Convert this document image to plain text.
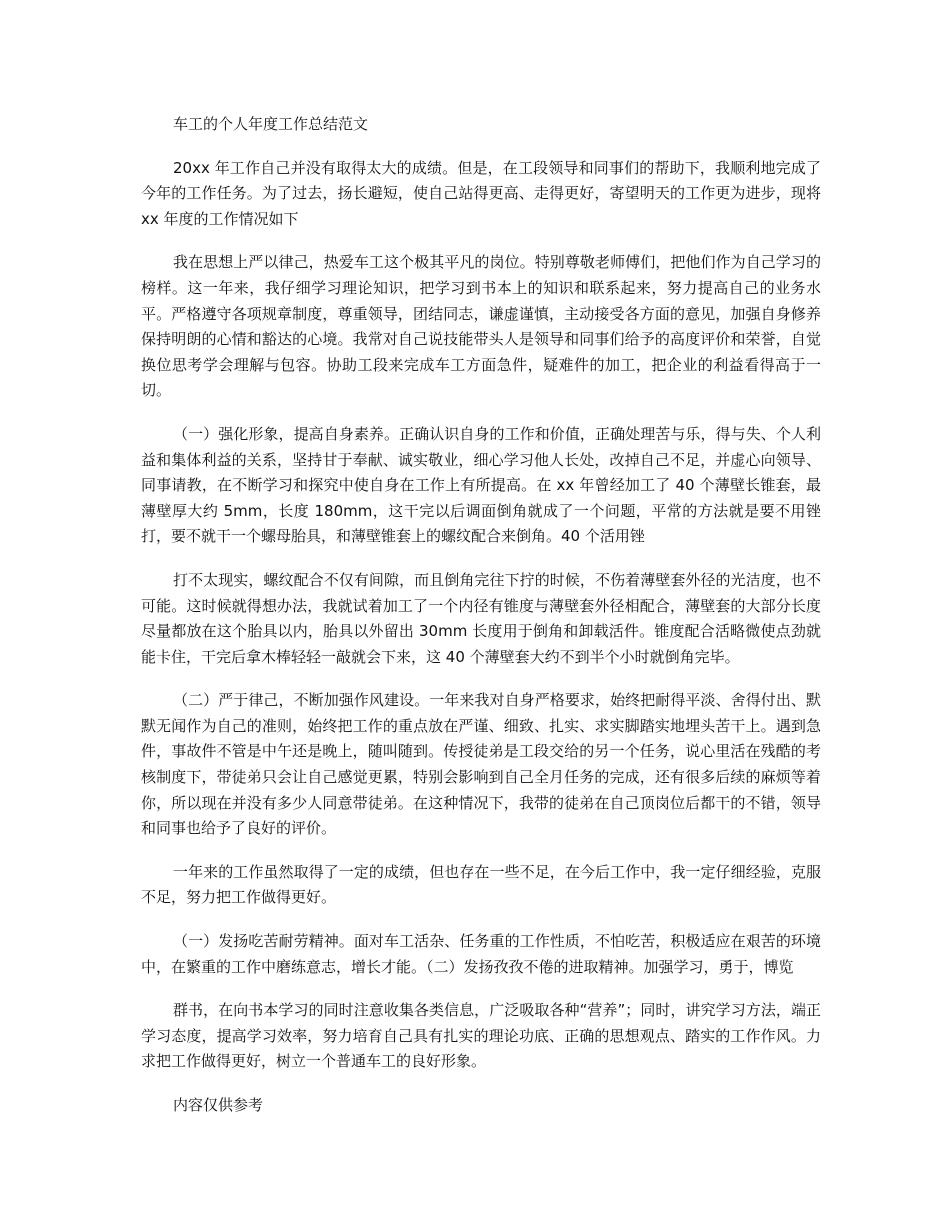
车工的个人年度工作总结范文

20xx 年工作自己并没有取得太大的成绩。但是，在工段领导和同事们的帮助下，我顺利地完成了今年的工作任务。为了过去，扬长避短，使自己站得更高、走得更好，寄望明天的工作更为进步，现将 xx 年度的工作情况如下

我在思想上严以律己，热爱车工这个极其平凡的岗位。特别尊敬老师傅们，把他们作为自己学习的榜样。这一年来，我仔细学习理论知识，把学习到书本上的知识和联系起来，努力提高自己的业务水平。严格遵守各项规章制度，尊重领导，团结同志，谦虚谨慎，主动接受各方面的意见，加强自身修养保持明朗的心情和豁达的心境。我常对自己说技能带头人是领导和同事们给予的高度评价和荣誉，自觉换位思考学会理解与包容。协助工段来完成车工方面急件，疑难件的加工，把企业的利益看得高于一切。

（一）强化形象，提高自身素养。正确认识自身的工作和价值，正确处理苦与乐，得与失、个人利益和集体利益的关系，坚持甘于奉献、诚实敬业，细心学习他人长处，改掉自己不足，并虚心向领导、同事请教，在不断学习和探究中使自身在工作上有所提高。在 xx 年曾经加工了 40 个薄壁长锥套，最薄壁厚大约 5mm，长度 180mm，这干完以后调面倒角就成了一个问题，平常的方法就是要不用锉打，要不就干一个螺母胎具，和薄壁锥套上的螺纹配合来倒角。40 个活用锉

打不太现实，螺纹配合不仅有间隙，而且倒角完往下拧的时候，不伤着薄壁套外径的光洁度，也不可能。这时候就得想办法，我就试着加工了一个内径有锥度与薄壁套外径相配合，薄壁套的大部分长度尽量都放在这个胎具以内，胎具以外留出 30mm 长度用于倒角和卸载活件。锥度配合活略微使点劲就能卡住，干完后拿木棒轻轻一敲就会下来，这 40 个薄壁套大约不到半个小时就倒角完毕。

（二）严于律己，不断加强作风建设。一年来我对自身严格要求，始终把耐得平淡、舍得付出、默默无闻作为自己的准则，始终把工作的重点放在严谨、细致、扎实、求实脚踏实地埋头苦干上。遇到急件，事故件不管是中午还是晚上，随叫随到。传授徒弟是工段交给的另一个任务，说心里活在残酷的考核制度下，带徒弟只会让自己感觉更累，特别会影响到自己全月任务的完成，还有很多后续的麻烦等着你，所以现在并没有多少人同意带徒弟。在这种情况下，我带的徒弟在自己顶岗位后都干的不错，领导和同事也给予了良好的评价。

一年来的工作虽然取得了一定的成绩，但也存在一些不足，在今后工作中，我一定仔细经验，克服不足，努力把工作做得更好。

（一）发扬吃苦耐劳精神。面对车工活杂、任务重的工作性质，不怕吃苦，积极适应在艰苦的环境中，在繁重的工作中磨练意志，增长才能。（二）发扬孜孜不倦的进取精神。加强学习，勇于，博览

群书，在向书本学习的同时注意收集各类信息，广泛吸取各种“营养”；同时，讲究学习方法，端正学习态度，提高学习效率，努力培育自己具有扎实的理论功底、正确的思想观点、踏实的工作作风。力求把工作做得更好，树立一个普通车工的良好形象。

内容仅供参考
